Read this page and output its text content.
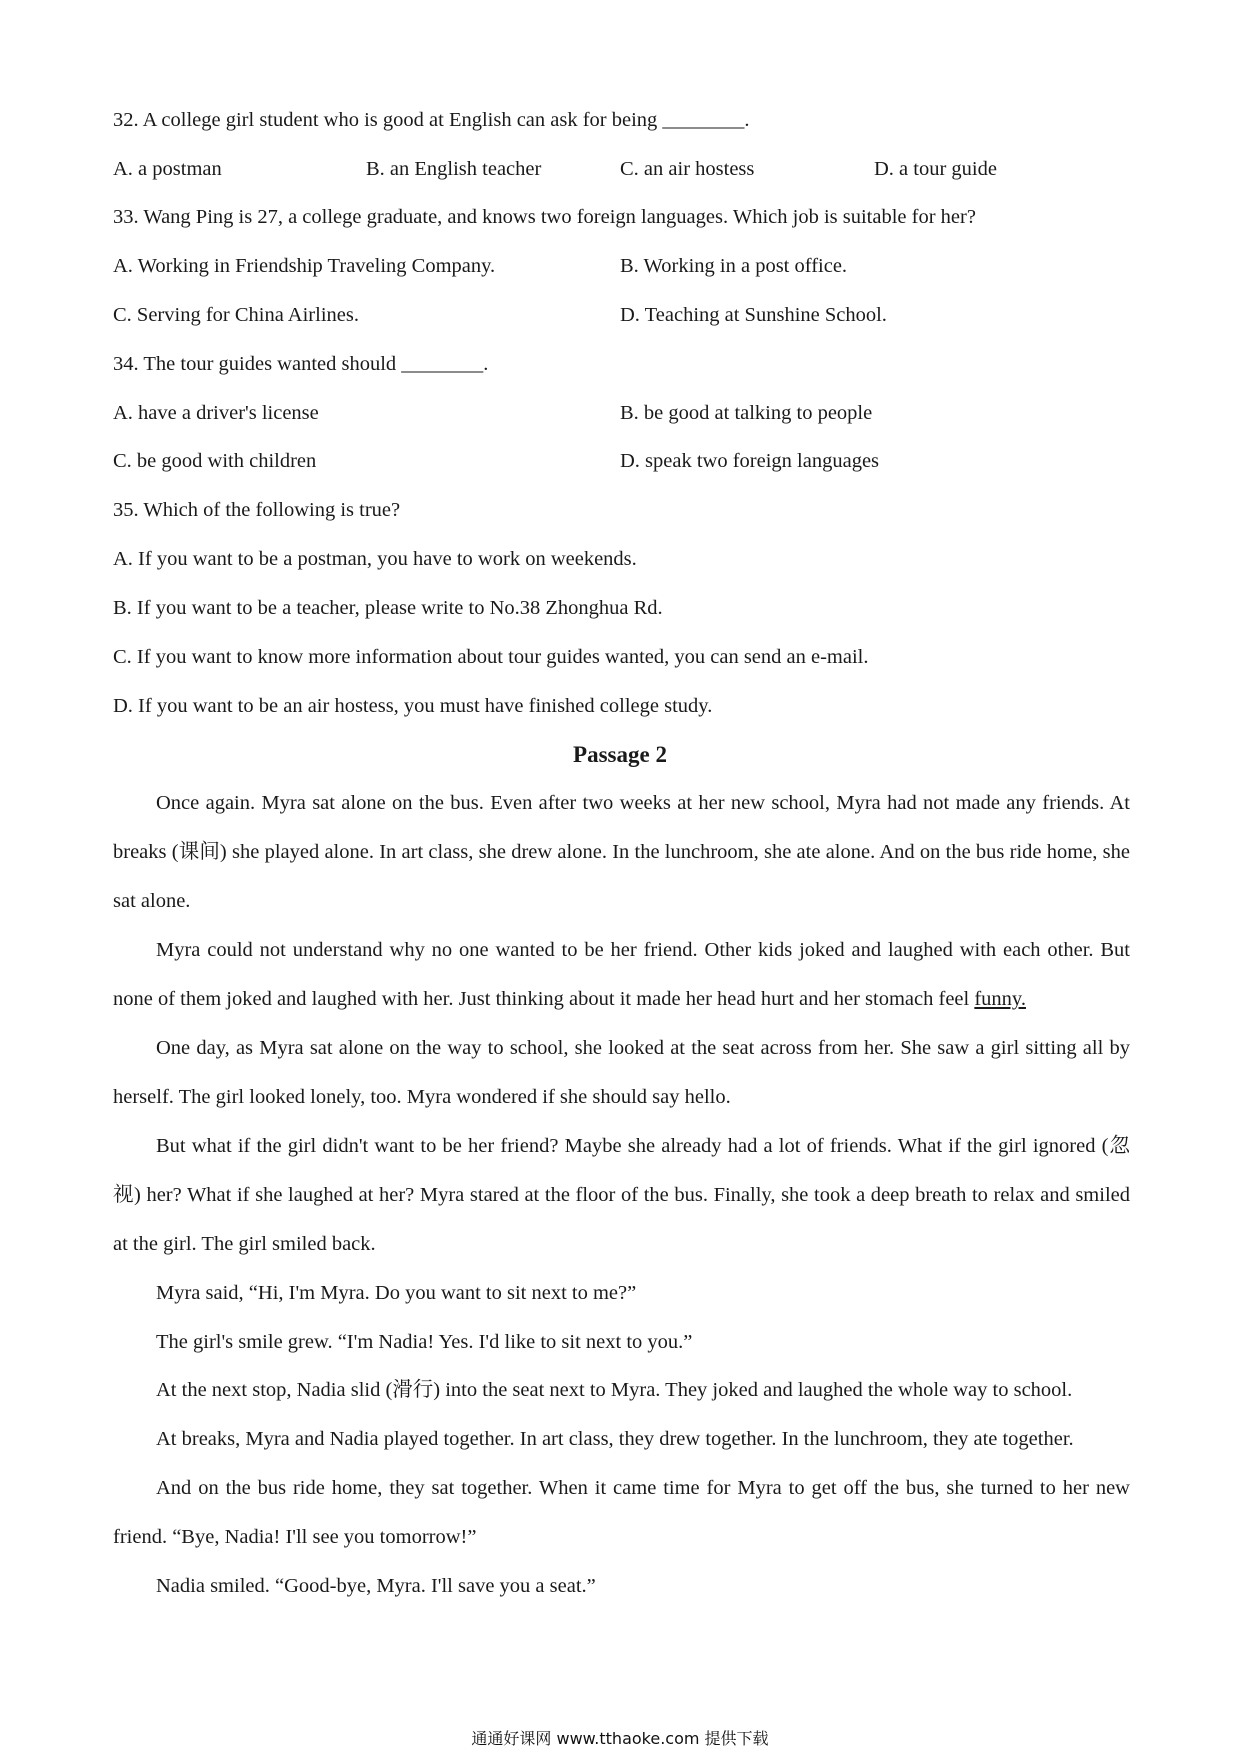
32. A college girl student who is good at English can ask for being ________.
A. a postman	B. an English teacher	C. an air hostess	D. a tour guide
33. Wang Ping is 27, a college graduate, and knows two foreign languages. Which job is suitable for her?
A. Working in Friendship Traveling Company.	B. Working in a post office.
C. Serving for China Airlines.	D. Teaching at Sunshine School.
34. The tour guides wanted should ________.
A. have a driver's license	B. be good at talking to people
C. be good with children	D. speak two foreign languages
35. Which of the following is true?
A. If you want to be a postman, you have to work on weekends.
B. If you want to be a teacher, please write to No.38 Zhonghua Rd.
C. If you want to know more information about tour guides wanted, you can send an e-mail.
D. If you want to be an air hostess, you must have finished college study.
Passage 2
Once again. Myra sat alone on the bus. Even after two weeks at her new school, Myra had not made any friends. At breaks (课间) she played alone. In art class, she drew alone. In the lunchroom, she ate alone. And on the bus ride home, she sat alone.
Myra could not understand why no one wanted to be her friend. Other kids joked and laughed with each other. But none of them joked and laughed with her. Just thinking about it made her head hurt and her stomach feel funny.
One day, as Myra sat alone on the way to school, she looked at the seat across from her. She saw a girl sitting all by herself. The girl looked lonely, too. Myra wondered if she should say hello.
But what if the girl didn't want to be her friend? Maybe she already had a lot of friends. What if the girl ignored (忽视) her? What if she laughed at her? Myra stared at the floor of the bus. Finally, she took a deep breath to relax and smiled at the girl. The girl smiled back.
Myra said, “Hi, I'm Myra. Do you want to sit next to me?”
The girl's smile grew. “I'm Nadia! Yes. I'd like to sit next to you.”
At the next stop, Nadia slid (滑行) into the seat next to Myra. They joked and laughed the whole way to school.
At breaks, Myra and Nadia played together. In art class, they drew together. In the lunchroom, they ate together.
And on the bus ride home, they sat together. When it came time for Myra to get off the bus, she turned to her new friend. “Bye, Nadia! I'll see you tomorrow!”
Nadia smiled. “Good-bye, Myra. I'll save you a seat.”
通通好课网 www.tthaoke.com 提供下载
